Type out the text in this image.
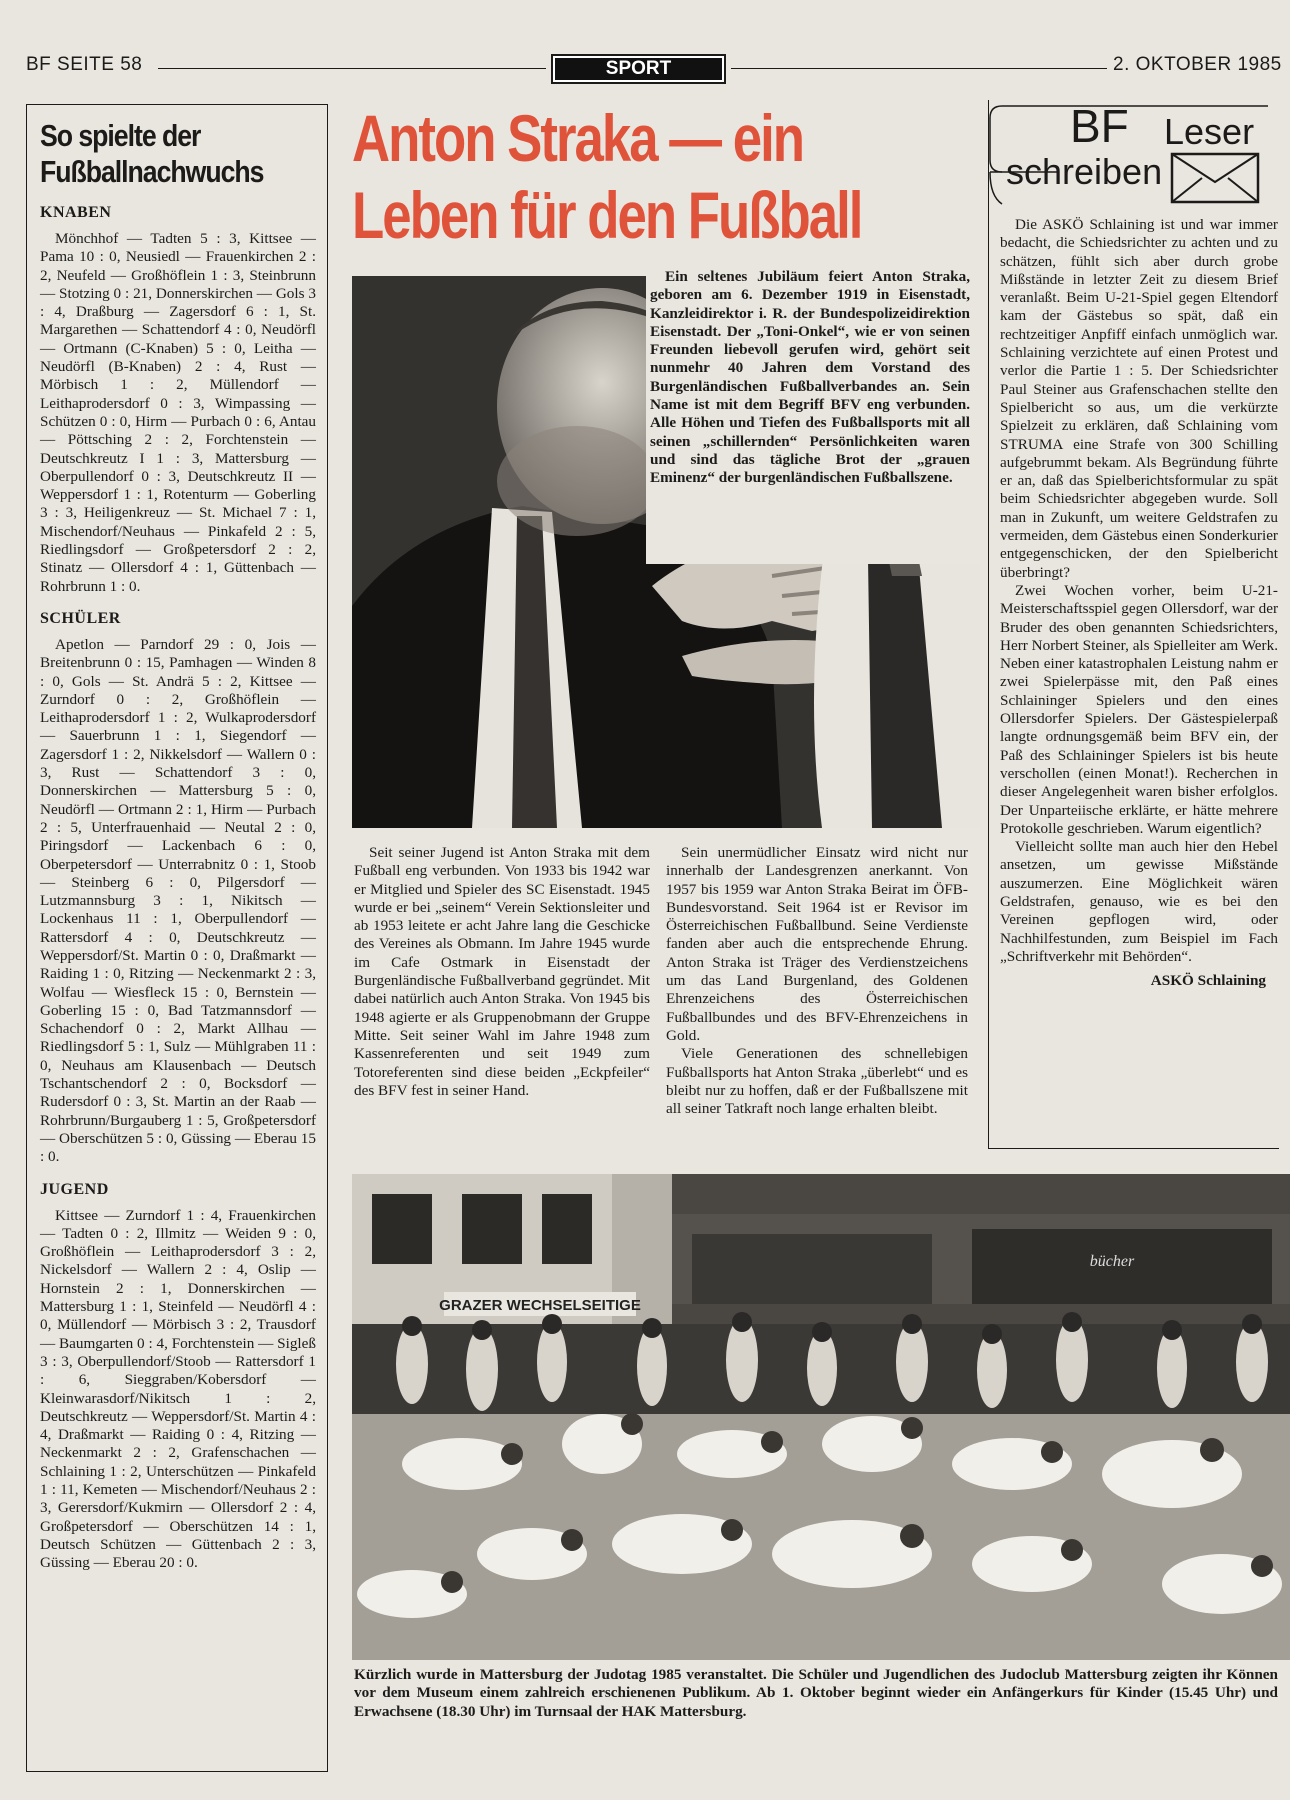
BF SEITE 58	SPORT	2. OKTOBER 1985
So spielte der
Fußballnachwuchs
KNABEN

Mönchhof — Tadten 5 : 3, Kittsee — Pama 10 : 0, Neusiedl — Frauenkirchen 2 : 2, Neufeld — Großhöflein 1 : 3, Steinbrunn — Stotzing 0 : 21, Donnerskirchen — Gols 3 : 4, Draßburg — Zagersdorf 6 : 1, St. Margarethen — Schattendorf 4 : 0, Neudörfl — Ortmann (C-Knaben) 5 : 0, Leitha — Neudörfl (B-Knaben) 2 : 4, Rust — Mörbisch 1 : 2, Müllendorf — Leithaprodersdorf 0 : 3, Wimpassing — Schützen 0 : 0, Hirm — Purbach 0 : 6, Antau — Pöttsching 2 : 2, Forchtenstein — Deutschkreutz I 1 : 3, Mattersburg — Oberpullendorf 0 : 3, Deutschkreutz II — Weppersdorf 1 : 1, Rotenturm — Goberling 3 : 3, Heiligenkreuz — St. Michael 7 : 1, Mischendorf/Neuhaus — Pinkafeld 2 : 5, Riedlingsdorf — Großpetersdorf 2 : 2, Stinatz — Ollersdorf 4 : 1, Güttenbach — Rohrbrunn 1 : 0.

SCHÜLER

Apetlon — Parndorf 29 : 0, Jois — Breitenbrunn 0 : 15, Pamhagen — Winden 8 : 0, Gols — St. Andrä 5 : 2, Kittsee — Zurndorf 0 : 2, Großhöflein — Leithaprodersdorf 1 : 2, Wulkaprodersdorf — Sauerbrunn 1 : 1, Siegendorf — Zagersdorf 1 : 2, Nikkelsdorf — Wallern 0 : 3, Rust — Schattendorf 3 : 0, Donnerskirchen — Mattersburg 5 : 0, Neudörfl — Ortmann 2 : 1, Hirm — Purbach 2 : 5, Unterfrauenhaid — Neutal 2 : 0, Piringsdorf — Lackenbach 6 : 0, Oberpetersdorf — Unterrabnitz 0 : 1, Stoob — Steinberg 6 : 0, Pilgersdorf — Lutzmannsburg 3 : 1, Nikitsch — Lockenhaus 11 : 1, Oberpullendorf — Rattersdorf 4 : 0, Deutschkreutz — Weppersdorf/St. Martin 0 : 0, Draßmarkt — Raiding 1 : 0, Ritzing — Neckenmarkt 2 : 3, Wolfau — Wiesfleck 15 : 0, Bernstein — Goberling 15 : 0, Bad Tatzmannsdorf — Schachendorf 0 : 2, Markt Allhau — Riedlingsdorf 5 : 1, Sulz — Mühlgraben 11 : 0, Neuhaus am Klausenbach — Deutsch Tschantschendorf 2 : 0, Bocksdorf — Rudersdorf 0 : 3, St. Martin an der Raab — Rohrbrunn/Burgauberg 1 : 5, Großpetersdorf — Oberschützen 5 : 0, Güssing — Eberau 15 : 0.

JUGEND

Kittsee — Zurndorf 1 : 4, Frauenkirchen — Tadten 0 : 2, Illmitz — Weiden 9 : 0, Großhöflein — Leithaprodersdorf 3 : 2, Nickelsdorf — Wallern 2 : 4, Oslip — Hornstein 2 : 1, Donnerskirchen — Mattersburg 1 : 1, Steinfeld — Neudörfl 4 : 0, Müllendorf — Mörbisch 3 : 2, Trausdorf — Baumgarten 0 : 4, Forchtenstein — Sigleß 3 : 3, Oberpullendorf/Stoob — Rattersdorf 1 : 6, Sieggraben/Kobersdorf — Kleinwarasdorf/Nikitsch 1 : 2, Deutschkreutz — Weppersdorf/St. Martin 4 : 4, Draßmarkt — Raiding 0 : 4, Ritzing — Neckenmarkt 2 : 2, Grafenschachen — Schlaining 1 : 2, Unterschützen — Pinkafeld 1 : 11, Kemeten — Mischendorf/Neuhaus 2 : 3, Gerersdorf/Kukmirn — Ollersdorf 2 : 4, Großpetersdorf — Oberschützen 14 : 1, Deutsch Schützen — Güttenbach 2 : 3, Güssing — Eberau 20 : 0.

Anton Straka — ein
Leben für den Fußball

Ein seltenes Jubiläum feiert Anton Straka, geboren am 6. Dezember 1919 in Eisenstadt, Kanzleidirektor i. R. der Bundespolizeidirektion Eisenstadt. Der „Toni-Onkel“, wie er von seinen Freunden liebevoll gerufen wird, gehört seit nunmehr 40 Jahren dem Vorstand des Burgenländischen Fußballverbandes an. Sein Name ist mit dem Begriff BFV eng verbunden. Alle Höhen und Tiefen des Fußballsports mit all seinen „schillernden“ Persönlichkeiten waren und sind das tägliche Brot der „grauen Eminenz“ der burgenländischen Fußballszene.

Seit seiner Jugend ist Anton Straka mit dem Fußball eng verbunden. Von 1933 bis 1942 war er Mitglied und Spieler des SC Eisenstadt. 1945 wurde er bei „seinem“ Verein Sektionsleiter und ab 1953 leitete er acht Jahre lang die Geschicke des Vereines als Obmann. Im Jahre 1945 wurde im Cafe Ostmark in Eisenstadt der Burgenländische Fußballverband gegründet. Mit dabei natürlich auch Anton Straka. Von 1945 bis 1948 agierte er als Gruppenobmann der Gruppe Mitte. Seit seiner Wahl im Jahre 1948 zum Kassenreferenten und seit 1949 zum Totoreferenten sind diese beiden „Eckpfeiler“ des BFV fest in seiner Hand.

Sein unermüdlicher Einsatz wird nicht nur innerhalb der Landesgrenzen anerkannt. Von 1957 bis 1959 war Anton Straka Beirat im ÖFB-Bundesvorstand. Seit 1964 ist er Revisor im Österreichischen Fußballbund. Seine Verdienste fanden aber auch die entsprechende Ehrung. Anton Straka ist Träger des Verdienstzeichens um das Land Burgenland, des Goldenen Ehrenzeichens des Österreichischen Fußballbundes und des BFV-Ehrenzeichens in Gold.

Viele Generationen des schnellebigen Fußballsports hat Anton Straka „überlebt“ und es bleibt nur zu hoffen, daß er der Fußballszene mit all seiner Tatkraft noch lange erhalten bleibt.

BF Leser
schreiben

Die ASKÖ Schlaining ist und war immer bedacht, die Schiedsrichter zu achten und zu schätzen, fühlt sich aber durch grobe Mißstände in letzter Zeit zu diesem Brief veranlaßt. Beim U-21-Spiel gegen Eltendorf kam der Gästebus so spät, daß ein rechtzeitiger Anpfiff einfach unmöglich war. Schlaining verzichtete auf einen Protest und verlor die Partie 1 : 5. Der Schiedsrichter Paul Steiner aus Grafenschachen stellte den Spielbericht so aus, um die verkürzte Spielzeit zu erklären, daß Schlaining vom STRUMA eine Strafe von 300 Schilling aufgebrummt bekam. Als Begründung führte er an, daß das Spielberichtsformular zu spät beim Schiedsrichter abgegeben wurde. Soll man in Zukunft, um weitere Geldstrafen zu vermeiden, dem Gästebus einen Sonderkurier entgegenschicken, der den Spielbericht überbringt?

Zwei Wochen vorher, beim U-21-Meisterschaftsspiel gegen Ollersdorf, war der Bruder des oben genannten Schiedsrichters, Herr Norbert Steiner, als Spielleiter am Werk. Neben einer katastrophalen Leistung nahm er zwei Spielerpässe mit, den Paß eines Schlaininger Spielers und den eines Ollersdorfer Spielers. Der Gästespielerpaß langte ordnungsgemäß beim BFV ein, der Paß des Schlaininger Spielers ist bis heute verschollen (einen Monat!). Recherchen in dieser Angelegenheit waren bisher erfolglos. Der Unparteiische erklärte, er hätte mehrere Protokolle geschrieben. Warum eigentlich?

Vielleicht sollte man auch hier den Hebel ansetzen, um gewisse Mißstände auszumerzen. Eine Möglichkeit wären Geldstrafen, genauso, wie es bei den Vereinen gepflogen wird, oder Nachhilfestunden, zum Beispiel im Fach „Schriftverkehr mit Behörden“.

ASKÖ Schlaining
GRAZER WECHSELSEITIGE
bücher

Kürzlich wurde in Mattersburg der Judotag 1985 veranstaltet. Die Schüler und Jugendlichen des Judoclub Mattersburg zeigten ihr Können vor dem Museum einem zahlreich erschienenen Publikum. Ab 1. Oktober beginnt wieder ein Anfängerkurs für Kinder (15.45 Uhr) und Erwachsene (18.30 Uhr) im Turnsaal der HAK Mattersburg.
